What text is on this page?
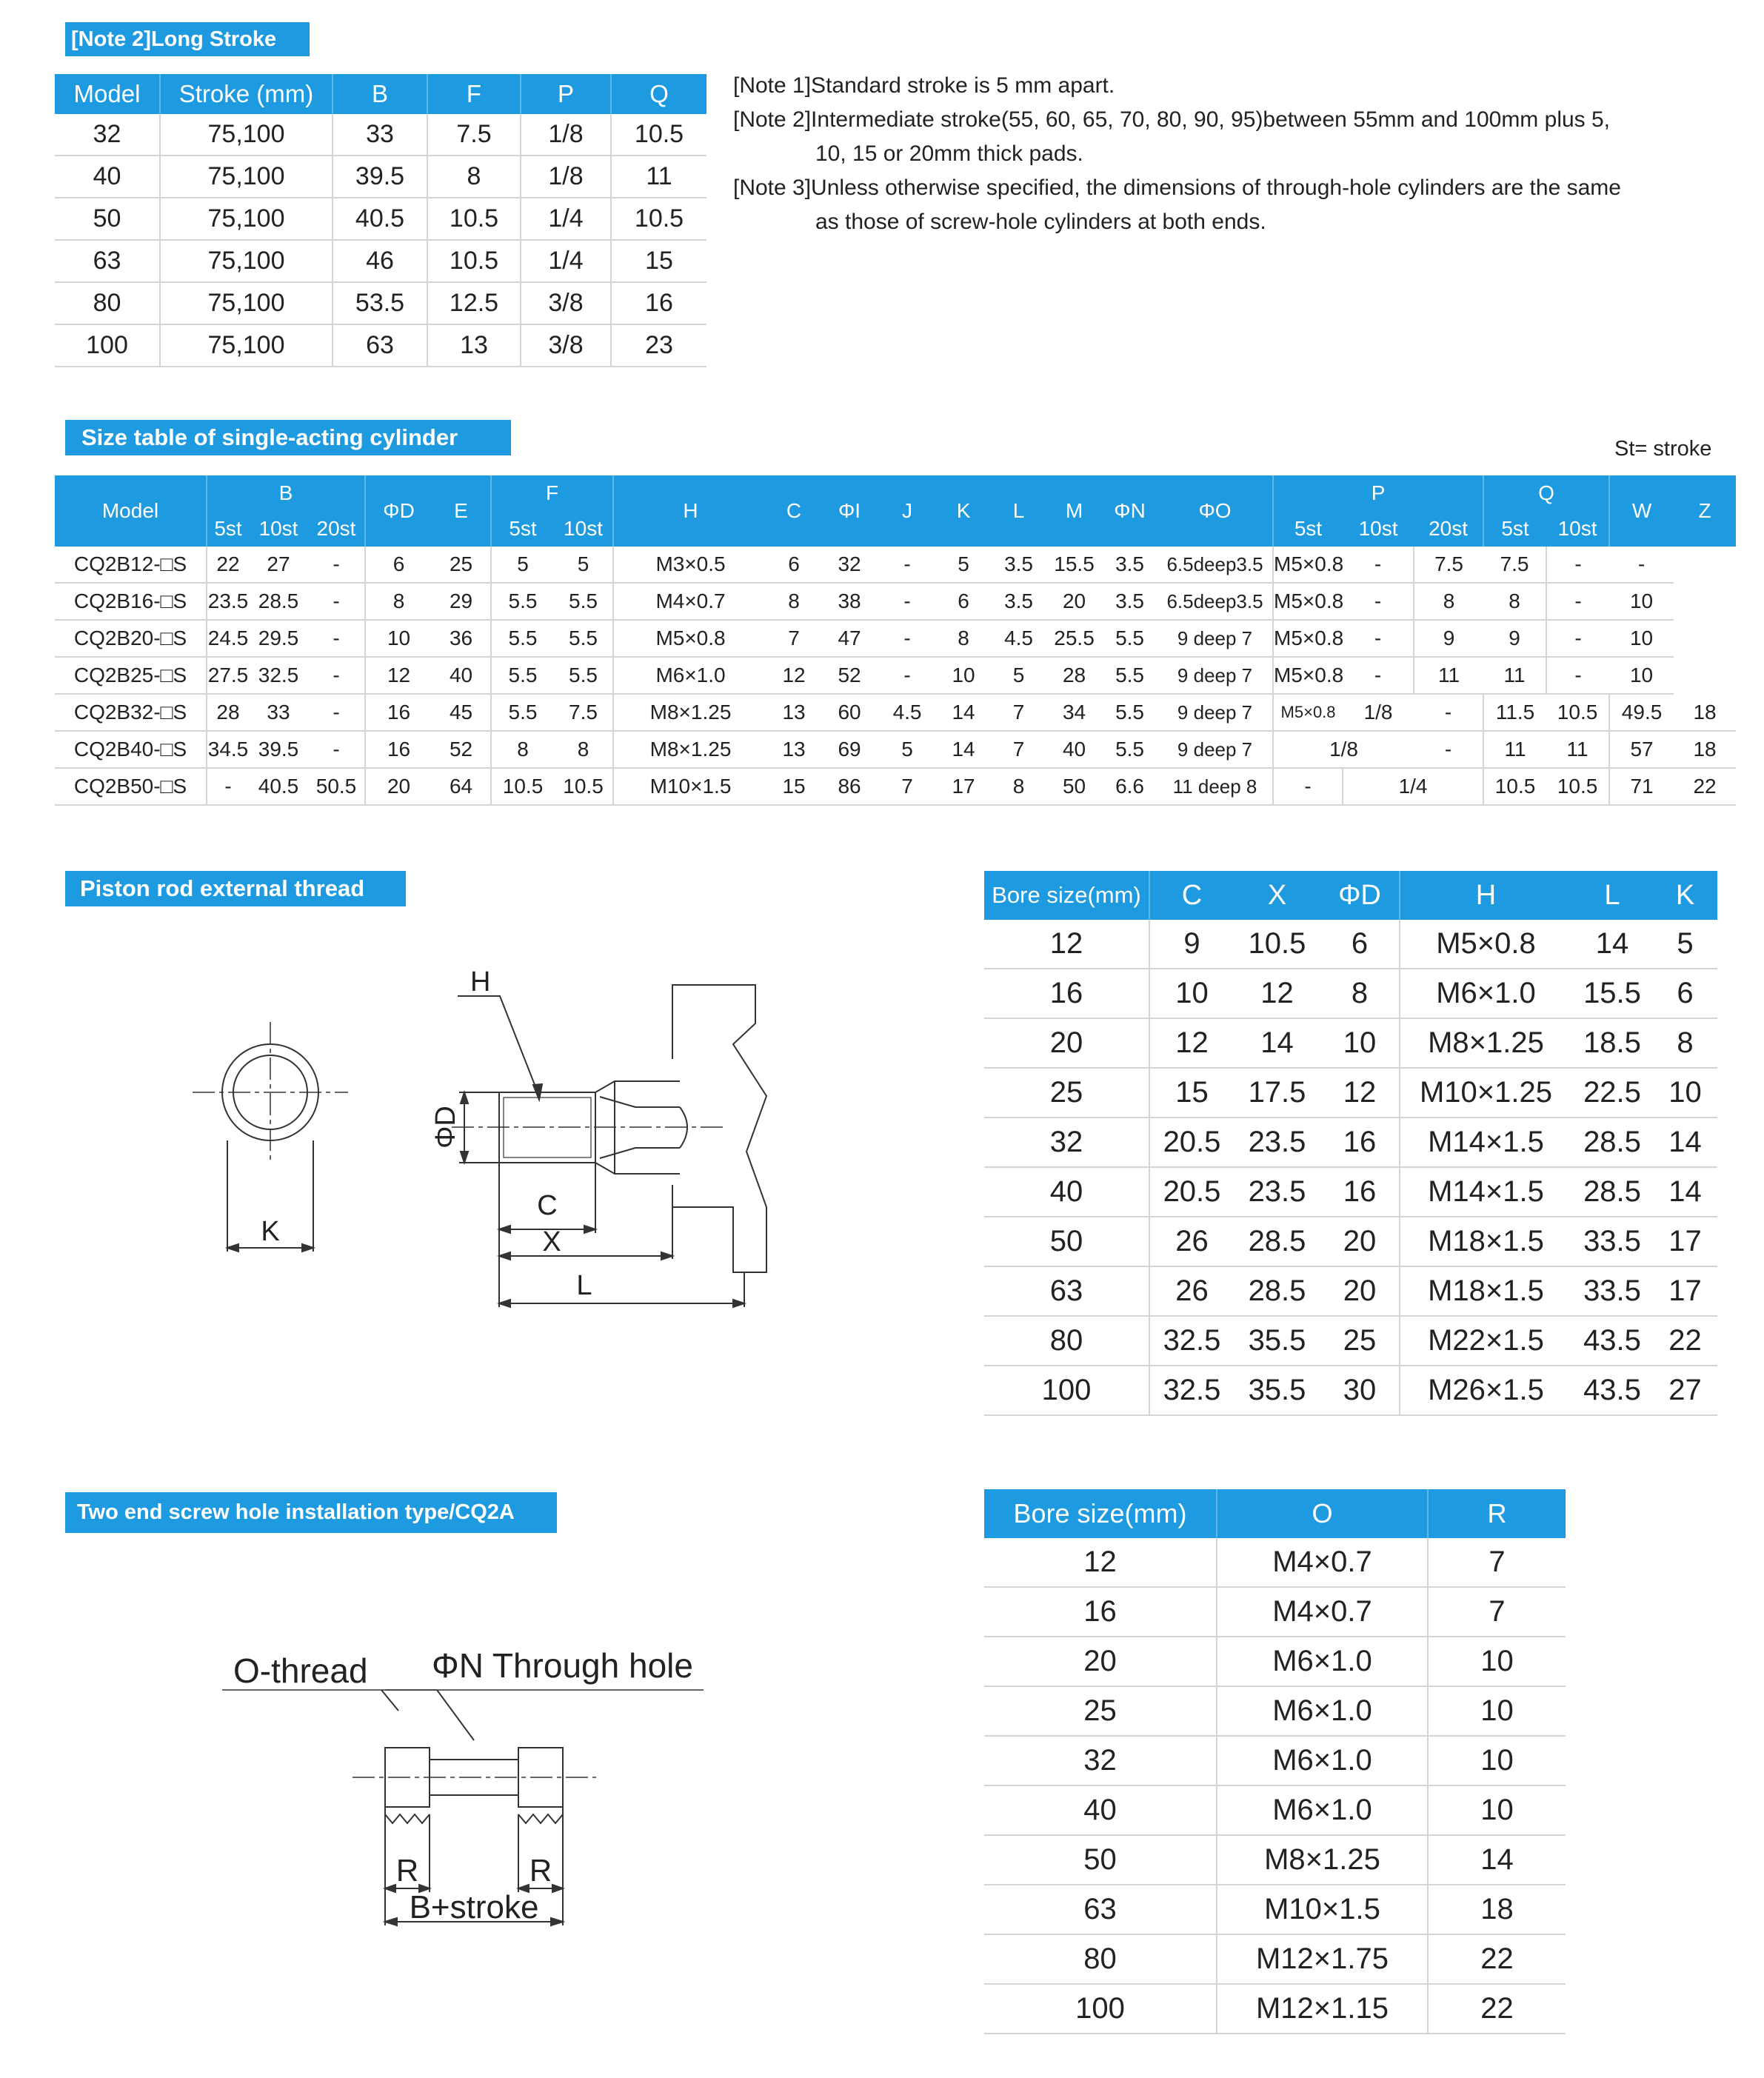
[Note 2]Long Stroke
Model	Stroke (mm)	B	F	P	Q
32	75,100	33	7.5	1/8	10.5
40	75,100	39.5	8	1/8	11
50	75,100	40.5	10.5	1/4	10.5
63	75,100	46	10.5	1/4	15
80	75,100	53.5	12.5	3/8	16
100	75,100	63	13	3/8	23
[Note 1]Standard stroke is 5 mm apart.
[Note 2]Intermediate stroke(55, 60, 65, 70, 80, 90, 95)between 55mm and 100mm plus 5,
10, 15 or 20mm thick pads.
[Note 3]Unless otherwise specified, the dimensions of through-hole cylinders are the same
as those of screw-hole cylinders at both ends.
Size table of single-acting cylinder	St= stroke
Model	B			ΦD	E	F		H	C	ΦI	J	K	L	M	ΦN	ΦO	P			Q		W	Z
	5st	10st	20st			5st	10st										5st	10st	20st	5st	10st		
CQ2B12-□S	22	27	-	6	25	5	5	M3×0.5	6	32	-	5	3.5	15.5	3.5	6.5deep3.5	M5×0.8	-	7.5	7.5	-	-	
CQ2B16-□S	23.5	28.5	-	8	29	5.5	5.5	M4×0.7	8	38	-	6	3.5	20	3.5	6.5deep3.5	M5×0.8	-	8	8	-	10	
CQ2B20-□S	24.5	29.5	-	10	36	5.5	5.5	M5×0.8	7	47	-	8	4.5	25.5	5.5	9 deep 7	M5×0.8	-	9	9	-	10	
CQ2B25-□S	27.5	32.5	-	12	40	5.5	5.5	M6×1.0	12	52	-	10	5	28	5.5	9 deep 7	M5×0.8	-	11	11	-	10	
CQ2B32-□S	28	33	-	16	45	5.5	7.5	M8×1.25	13	60	4.5	14	7	34	5.5	9 deep 7	M5×0.8	1/8	-	11.5	10.5	49.5	18
CQ2B40-□S	34.5	39.5	-	16	52	8	8	M8×1.25	13	69	5	14	7	40	5.5	9 deep 7	1/8		-	11	11	57	18
CQ2B50-□S	-	40.5	50.5	20	64	10.5	10.5	M10×1.5	15	86	7	17	8	50	6.6	11 deep 8	-	1/4		10.5	10.5	71	22
Piston rod external thread
H
ΦD
C
X
L
K
Bore size(mm)	C	X	ΦD	H	L	K
12	9	10.5	6	M5×0.8	14	5
16	10	12	8	M6×1.0	15.5	6
20	12	14	10	M8×1.25	18.5	8
25	15	17.5	12	M10×1.25	22.5	10
32	20.5	23.5	16	M14×1.5	28.5	14
40	20.5	23.5	16	M14×1.5	28.5	14
50	26	28.5	20	M18×1.5	33.5	17
63	26	28.5	20	M18×1.5	33.5	17
80	32.5	35.5	25	M22×1.5	43.5	22
100	32.5	35.5	30	M26×1.5	43.5	27
Two end screw hole installation type/CQ2A
O-thread ΦN Through hole
R	R
B+stroke
Bore size(mm)	O	R
12	M4×0.7	7
16	M4×0.7	7
20	M6×1.0	10
25	M6×1.0	10
32	M6×1.0	10
40	M6×1.0	10
50	M8×1.25	14
63	M10×1.5	18
80	M12×1.75	22
100	M12×1.15	22
